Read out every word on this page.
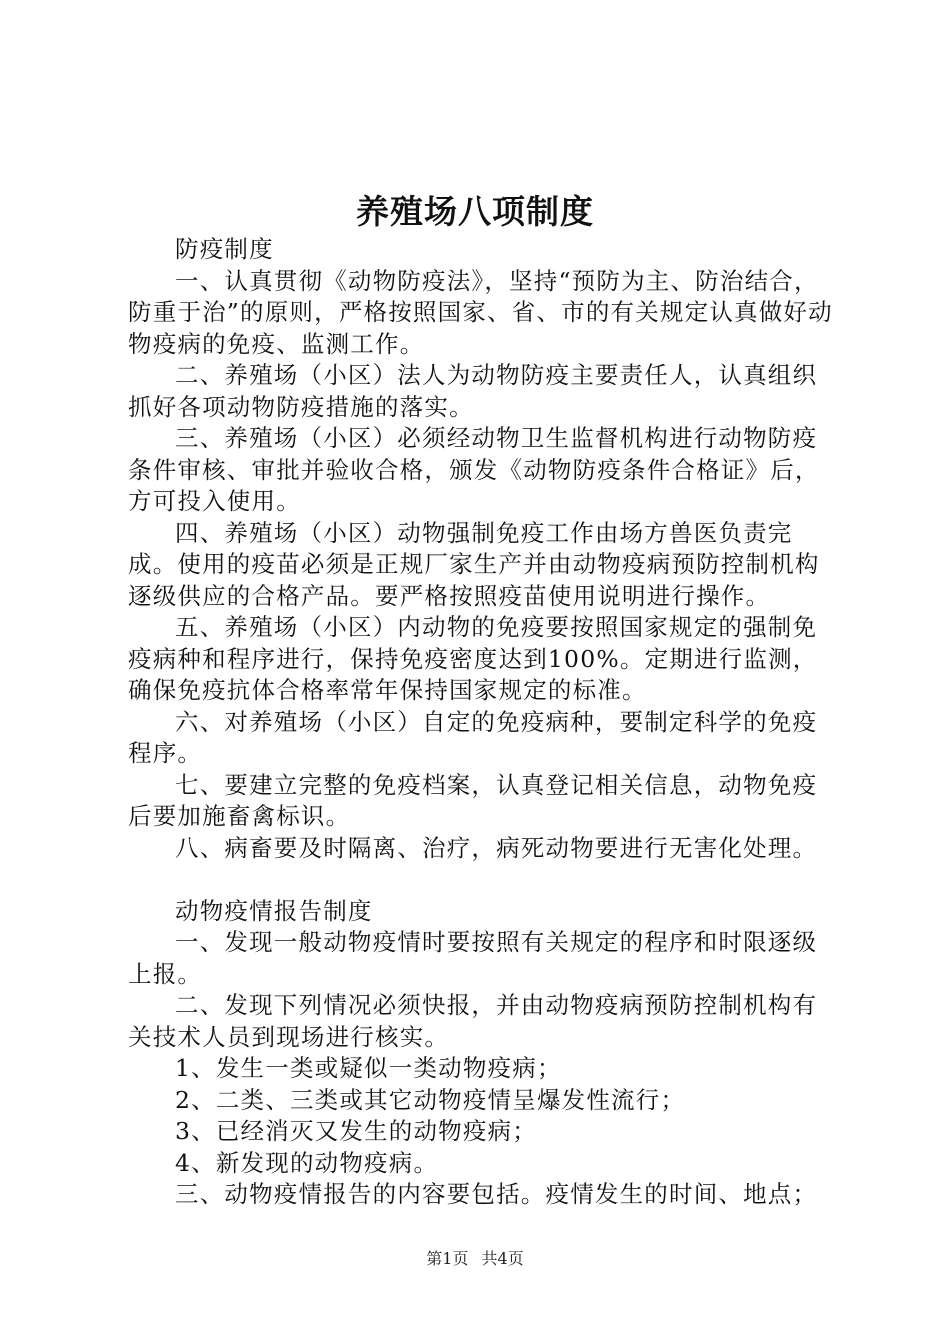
养殖场八项制度

防疫制度

一、认真贯彻《动物防疫法》，坚持“预防为主、防治结合，防重于治”的原则，严格按照国家、省、市的有关规定认真做好动物疫病的免疫、监测工作。

二、养殖场（小区）法人为动物防疫主要责任人，认真组织抓好各项动物防疫措施的落实。

三、养殖场（小区）必须经动物卫生监督机构进行动物防疫条件审核、审批并验收合格，颁发《动物防疫条件合格证》后，方可投入使用。

四、养殖场（小区）动物强制免疫工作由场方兽医负责完成。使用的疫苗必须是正规厂家生产并由动物疫病预防控制机构逐级供应的合格产品。要严格按照疫苗使用说明进行操作。

五、养殖场（小区）内动物的免疫要按照国家规定的强制免疫病种和程序进行，保持免疫密度达到100%。定期进行监测，确保免疫抗体合格率常年保持国家规定的标准。

六、对养殖场（小区）自定的免疫病种，要制定科学的免疫程序。

七、要建立完整的免疫档案，认真登记相关信息，动物免疫后要加施畜禽标识。

八、病畜要及时隔离、治疗，病死动物要进行无害化处理。

动物疫情报告制度

一、发现一般动物疫情时要按照有关规定的程序和时限逐级上报。

二、发现下列情况必须快报，并由动物疫病预防控制机构有关技术人员到现场进行核实。

1、发生一类或疑似一类动物疫病；

2、二类、三类或其它动物疫情呈爆发性流行；

3、已经消灭又发生的动物疫病；

4、新发现的动物疫病。

三、动物疫情报告的内容要包括。疫情发生的时间、地点；

第1页 共4页
